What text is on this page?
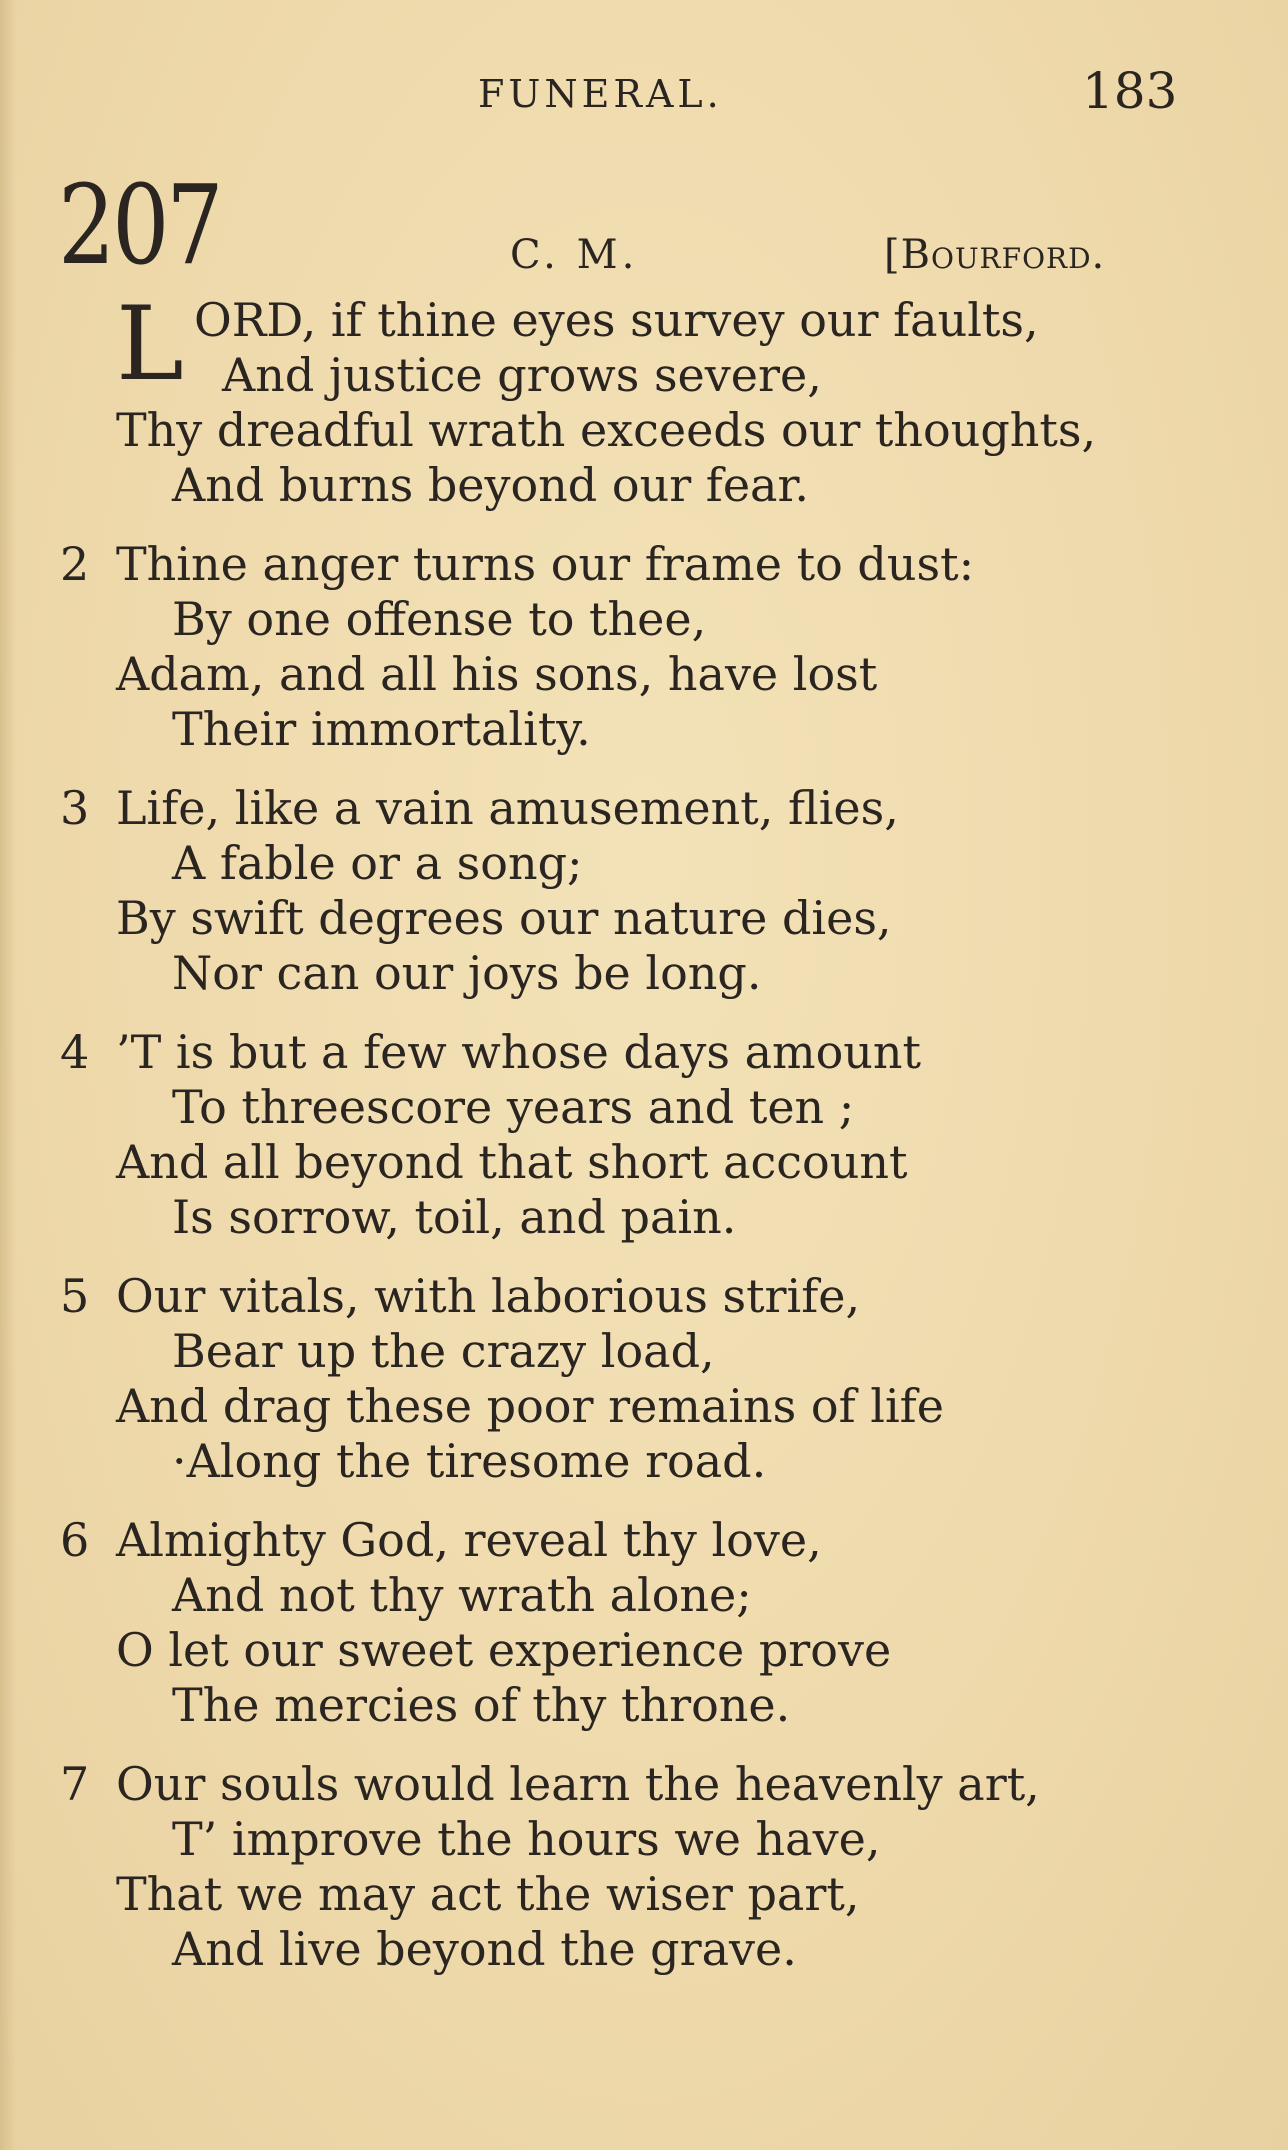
FUNERAL.	183
207	C. M.	[Bourford.
L ORD, if thine eyes survey our faults,
And justice grows severe,
Thy dreadful wrath exceeds our thoughts,
And burns beyond our fear.
2 Thine anger turns our frame to dust:
By one offense to thee,
Adam, and all his sons, have lost
Their immortality.
3 Life, like a vain amusement, flies,
A fable or a song;
By swift degrees our nature dies,
Nor can our joys be long.
4 ’T is but a few whose days amount
To threescore years and ten ;
And all beyond that short account
Is sorrow, toil, and pain.
5 Our vitals, with laborious strife,
Bear up the crazy load,
And drag these poor remains of life
·Along the tiresome road.
6 Almighty God, reveal thy love,
And not thy wrath alone;
O let our sweet experience prove
The mercies of thy throne.
7 Our souls would learn the heavenly art,
T’ improve the hours we have,
That we may act the wiser part,
And live beyond the grave.
